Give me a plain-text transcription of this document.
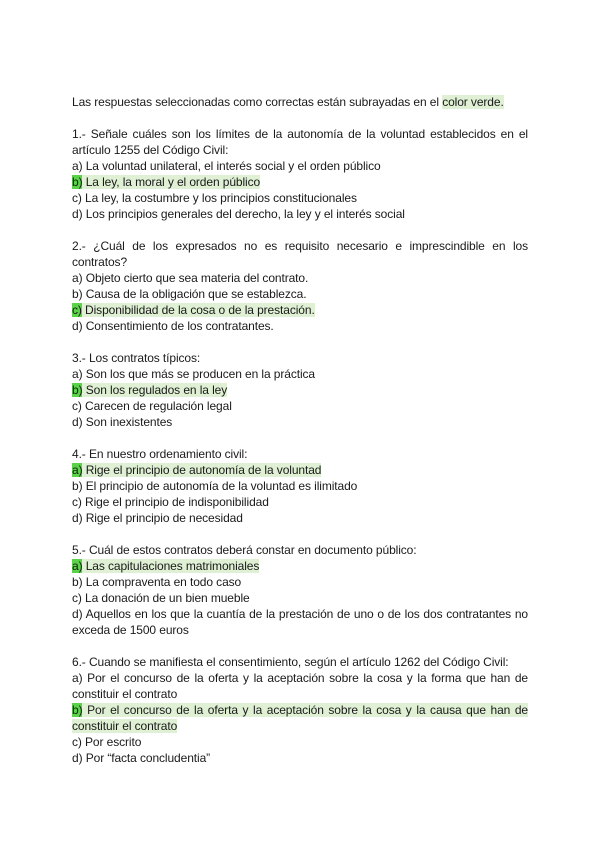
Las respuestas seleccionadas como correctas están subrayadas en el color verde.

1.- Señale cuáles son los límites de la autonomía de la voluntad establecidos en el artículo 1255 del Código Civil:

a) La voluntad unilateral, el interés social y el orden público
b) La ley, la moral y el orden público
c) La ley, la costumbre y los principios constitucionales
d) Los principios generales del derecho, la ley y el interés social

2.- ¿Cuál de los expresados no es requisito necesario e imprescindible en los contratos?

a) Objeto cierto que sea materia del contrato.
b) Causa de la obligación que se establezca.
c) Disponibilidad de la cosa o de la prestación.
d) Consentimiento de los contratantes.

3.- Los contratos típicos:

a) Son los que más se producen en la práctica
b) Son los regulados en la ley
c) Carecen de regulación legal
d) Son inexistentes

4.- En nuestro ordenamiento civil:

a) Rige el principio de autonomía de la voluntad
b) El principio de autonomía de la voluntad es ilimitado
c) Rige el principio de indisponibilidad
d) Rige el principio de necesidad

5.- Cuál de estos contratos deberá constar en documento público:

a) Las capitulaciones matrimoniales
b) La compraventa en todo caso
c) La donación de un bien mueble
d) Aquellos en los que la cuantía de la prestación de uno o de los dos contratantes no exceda de 1500 euros

6.- Cuando se manifiesta el consentimiento, según el artículo 1262 del Código Civil:

a) Por el concurso de la oferta y la aceptación sobre la cosa y la forma que han de constituir el contrato
b) Por el concurso de la oferta y la aceptación sobre la cosa y la causa que han de constituir el contrato
c) Por escrito
d) Por “facta concludentia”
